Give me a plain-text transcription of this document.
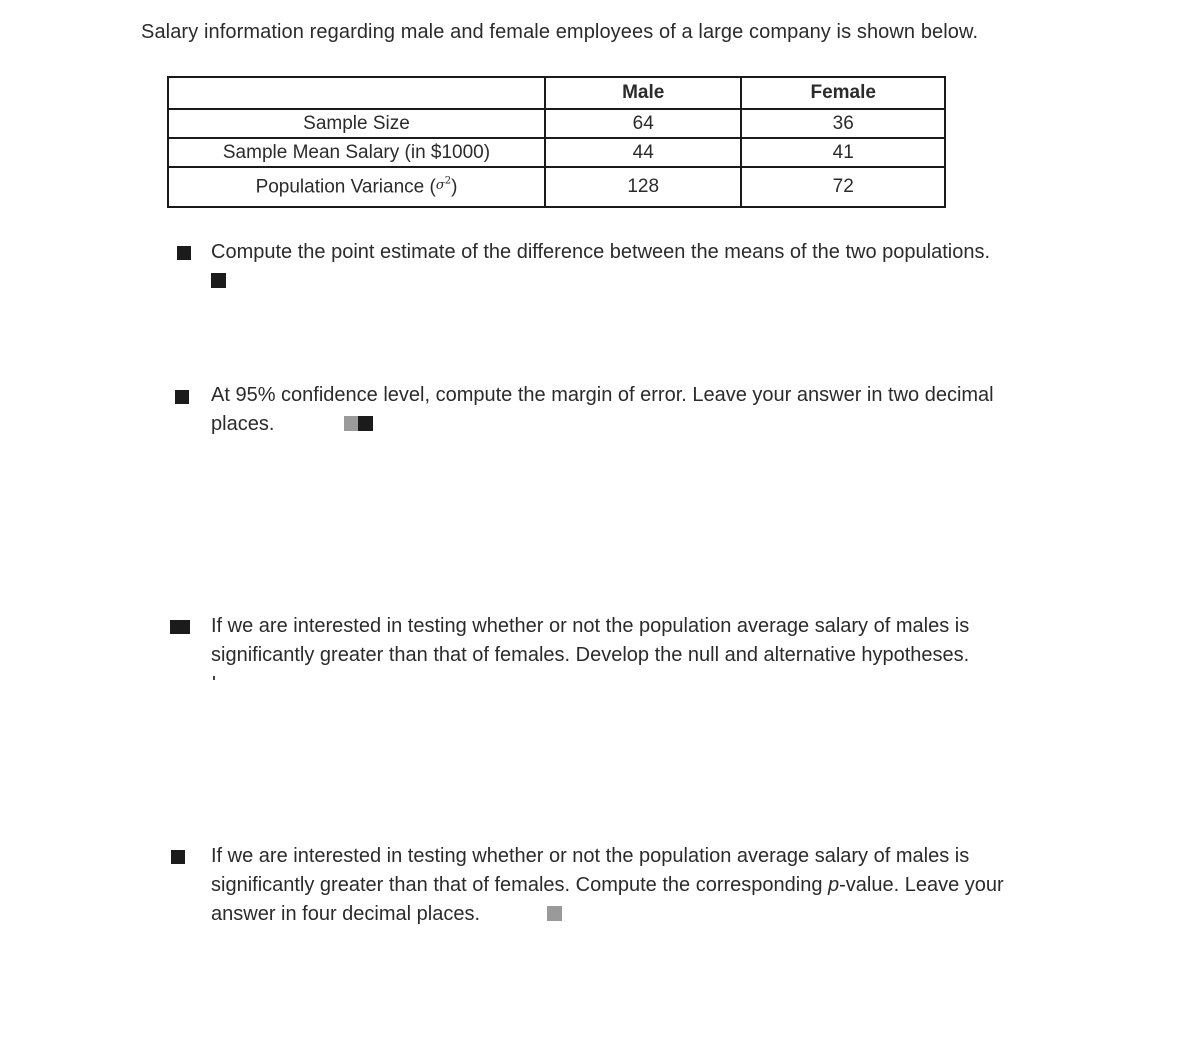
Salary information regarding male and female employees of a large company is shown below.
	Male	Female
Sample Size	64	36
Sample Mean Salary (in $1000)	44	41
Population Variance ($^{\sigma^2}$)	128	72
Compute the point estimate of the difference between the means of the two populations.
At 95% confidence level, compute the margin of error. Leave your answer in two decimal places.
If we are interested in testing whether or not the population average salary of males is significantly greater than that of females. Develop the null and alternative hypotheses.
If we are interested in testing whether or not the population average salary of males is significantly greater than that of females. Compute the corresponding p-value. Leave your answer in four decimal places.
